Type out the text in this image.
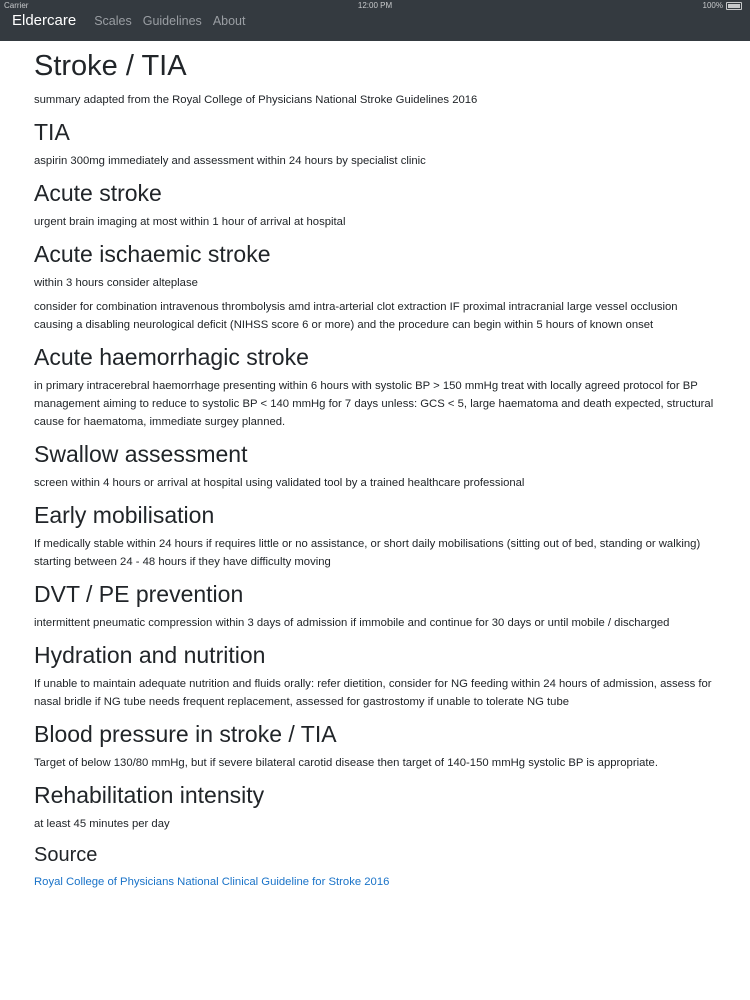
Carrier	12:00 PM	100%
Eldercare Scales Guidelines About
Stroke / TIA

summary adapted from the Royal College of Physicians National Stroke Guidelines 2016

TIA

aspirin 300mg immediately and assessment within 24 hours by specialist clinic

Acute stroke

urgent brain imaging at most within 1 hour of arrival at hospital

Acute ischaemic stroke

within 3 hours consider alteplase

consider for combination intravenous thrombolysis amd intra-arterial clot extraction IF proximal intracranial large vessel occlusion causing a disabling neurological deficit (NIHSS score 6 or more) and the procedure can begin within 5 hours of known onset

Acute haemorrhagic stroke

in primary intracerebral haemorrhage presenting within 6 hours with systolic BP > 150 mmHg treat with locally agreed protocol for BP management aiming to reduce to systolic BP < 140 mmHg for 7 days unless: GCS < 5, large haematoma and death expected, structural cause for haematoma, immediate surgey planned.

Swallow assessment

screen within 4 hours or arrival at hospital using validated tool by a trained healthcare professional

Early mobilisation

If medically stable within 24 hours if requires little or no assistance, or short daily mobilisations (sitting out of bed, standing or walking) starting between 24 - 48 hours if they have difficulty moving

DVT / PE prevention

intermittent pneumatic compression within 3 days of admission if immobile and continue for 30 days or until mobile / discharged

Hydration and nutrition

If unable to maintain adequate nutrition and fluids orally: refer dietition, consider for NG feeding within 24 hours of admission, assess for nasal bridle if NG tube needs frequent replacement, assessed for gastrostomy if unable to tolerate NG tube

Blood pressure in stroke / TIA

Target of below 130/80 mmHg, but if severe bilateral carotid disease then target of 140-150 mmHg systolic BP is appropriate.

Rehabilitation intensity

at least 45 minutes per day

Source

Royal College of Physicians National Clinical Guideline for Stroke 2016
